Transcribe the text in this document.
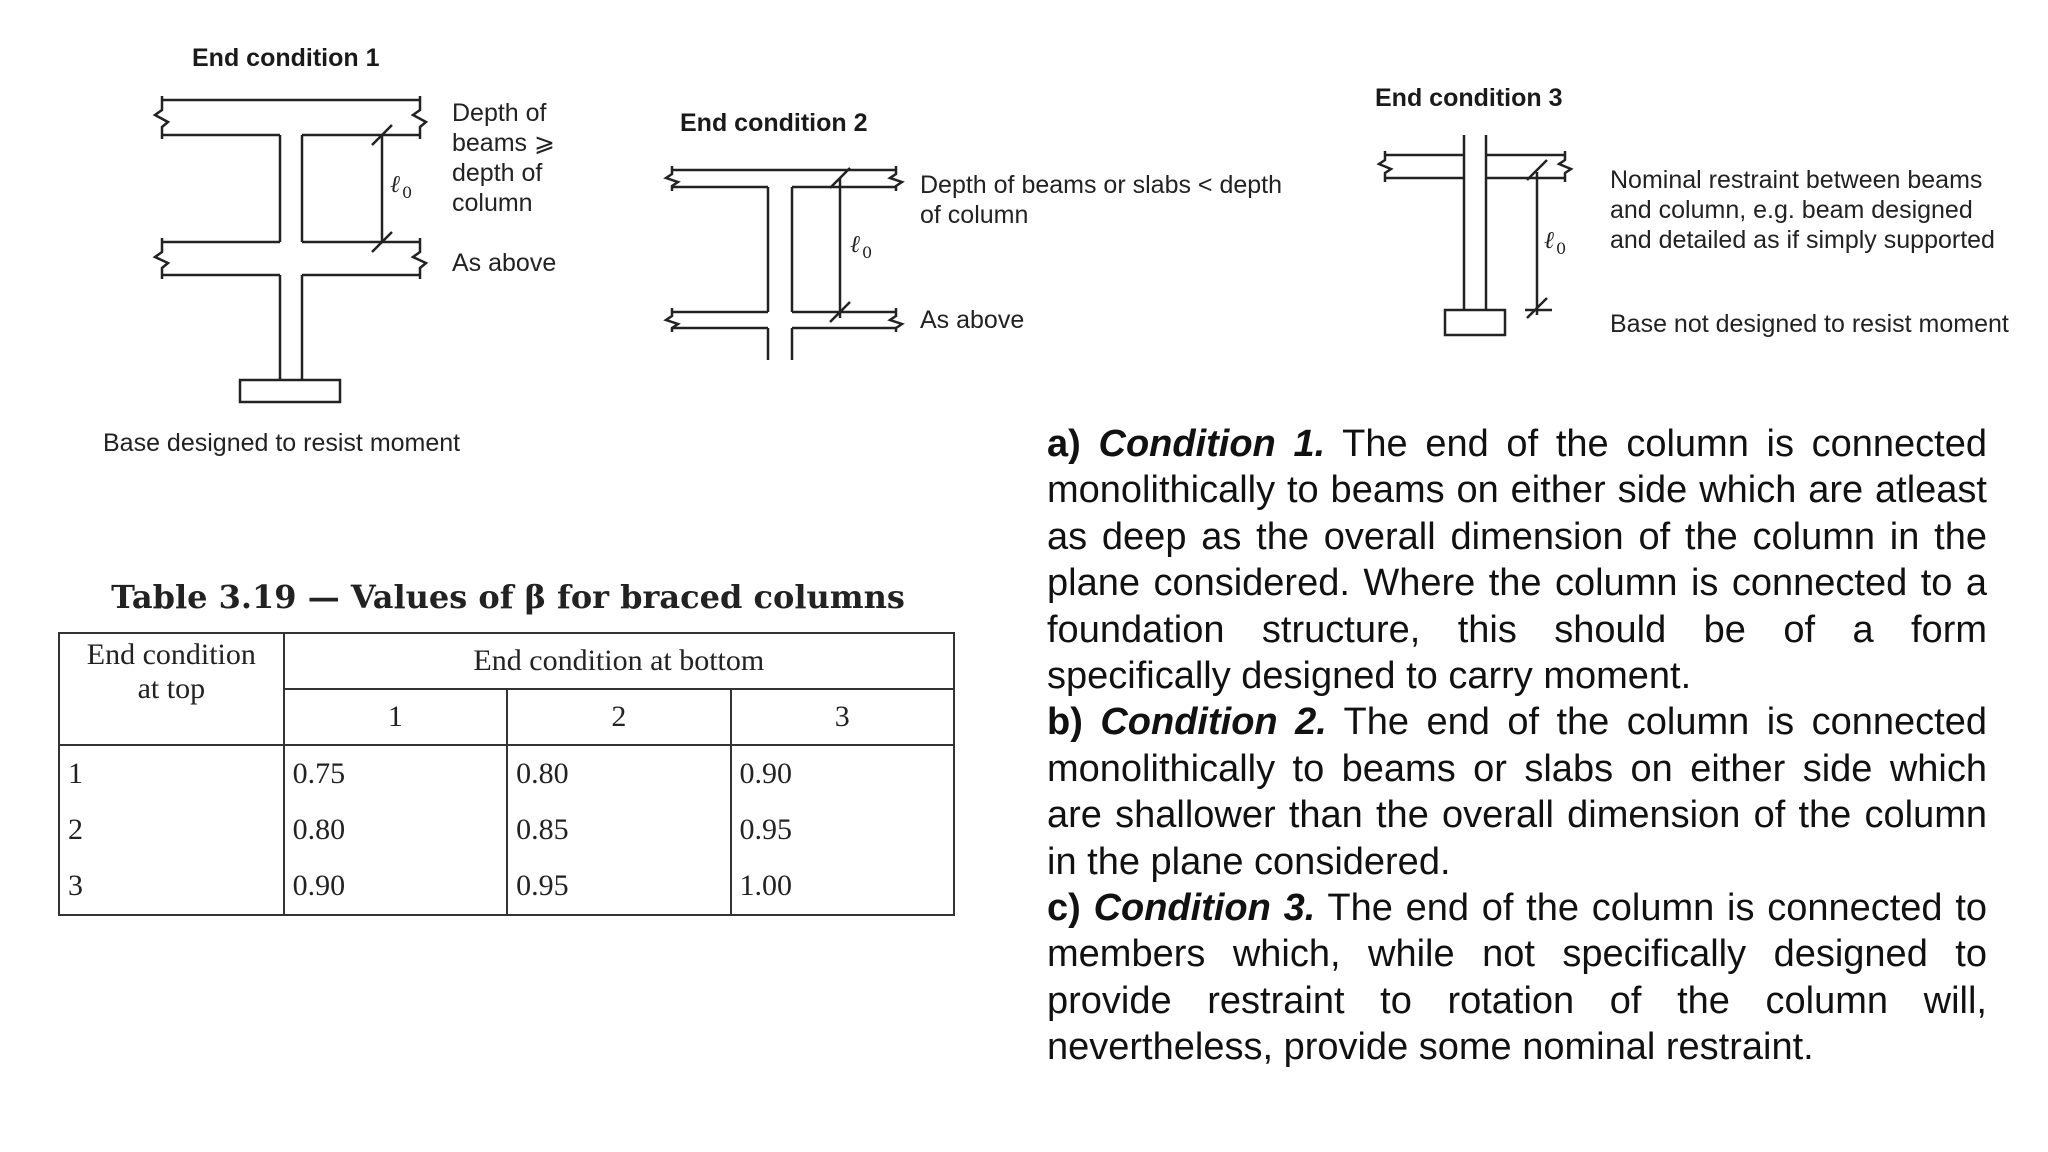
End condition 1
ℓ 0
Depth of
beams ⩾
depth of
column
As above
Base designed to resist moment
End condition 2
ℓ 0
Depth of beams or slabs < depth
of column
As above
End condition 3
ℓ 0
Nominal restraint between beams
and column, e.g. beam designed
and detailed as if simply supported
Base not designed to resist moment
Table 3.19 — Values of β for braced columns
End condition
at top	End condition at bottom		
	1	2	3
1	0.75	0.80	0.90
2	0.80	0.85	0.95
3	0.90	0.95	1.00

a) Condition 1. The end of the column is connected monolithically to beams on either side which are atleast as deep as the overall dimension of the column in the plane considered. Where the column is connected to a foundation structure, this should be of a form specifically designed to carry moment.

b) Condition 2. The end of the column is connected monolithically to beams or slabs on either side which are shallower than the overall dimension of the column in the plane considered.

c) Condition 3. The end of the column is connected to members which, while not specifically designed to provide restraint to rotation of the column will, nevertheless, provide some nominal restraint.
